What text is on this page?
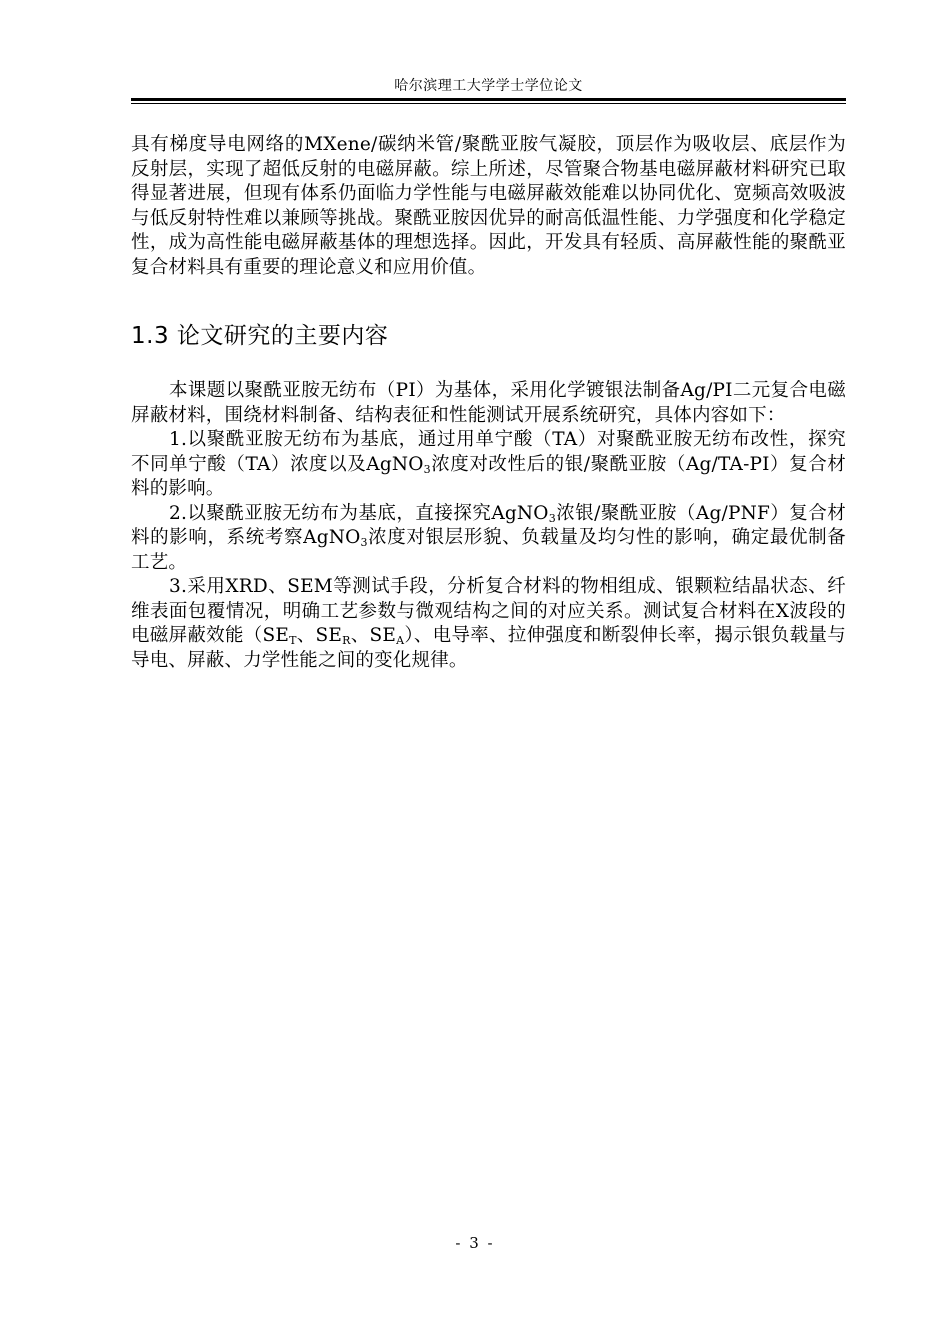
哈尔滨理工大学学士学位论文

具有梯度导电网络的MXene/碳纳米管/聚酰亚胺气凝胶，顶层作为吸收层、底层作为反射层，实现了超低反射的电磁屏蔽。综上所述，尽管聚合物基电磁屏蔽材料研究已取得显著进展，但现有体系仍面临力学性能与电磁屏蔽效能难以协同优化、宽频高效吸波与低反射特性难以兼顾等挑战。聚酰亚胺因优异的耐高低温性能、力学强度和化学稳定性，成为高性能电磁屏蔽基体的理想选择。因此，开发具有轻质、高屏蔽性能的聚酰亚复合材料具有重要的理论意义和应用价值。

1.3 论文研究的主要内容

本课题以聚酰亚胺无纺布（PI）为基体，采用化学镀银法制备Ag/PI二元复合电磁屏蔽材料，围绕材料制备、结构表征和性能测试开展系统研究，具体内容如下：

1.以聚酰亚胺无纺布为基底，通过用单宁酸（TA）对聚酰亚胺无纺布改性，探究不同单宁酸（TA）浓度以及AgNO$_3$浓度对改性后的银/聚酰亚胺（Ag/TA-PI）复合材料的影响。

2.以聚酰亚胺无纺布为基底，直接探究AgNO$_3$浓银/聚酰亚胺（Ag/PNF）复合材料的影响，系统考察AgNO$_3$浓度对银层形貌、负载量及均匀性的影响，确定最优制备工艺。

3.采用XRD、SEM等测试手段，分析复合材料的物相组成、银颗粒结晶状态、纤维表面包覆情况，明确工艺参数与微观结构之间的对应关系。测试复合材料在X波段的电磁屏蔽效能（$SE_T$、$SE_R$、$SE_A$）、电导率、拉伸强度和断裂伸长率，揭示银负载量与导电、屏蔽、力学性能之间的变化规律。

- 3 -
